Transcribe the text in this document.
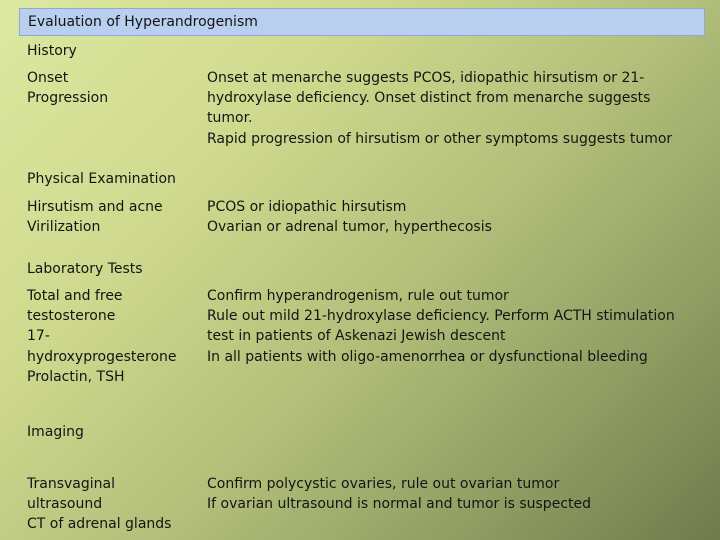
Evaluation of Hyperandrogenism
History
Onset
Progression
Onset at menarche suggests PCOS, idiopathic hirsutism or 21-
hydroxylase deficiency. Onset distinct from menarche suggests
tumor.
Rapid progression of hirsutism or other symptoms suggests tumor
Physical Examination
Hirsutism and acne
Virilization
PCOS or idiopathic hirsutism
Ovarian or adrenal tumor, hyperthecosis
Laboratory Tests
Total and free
testosterone
17-
hydroxyprogesterone
Prolactin, TSH
Confirm hyperandrogenism, rule out tumor
Rule out mild 21-hydroxylase deficiency. Perform ACTH stimulation
test in patients of Askenazi Jewish descent
In all patients with oligo-amenorrhea or dysfunctional bleeding
Imaging
Transvaginal
ultrasound
CT of adrenal glands
Confirm polycystic ovaries, rule out ovarian tumor
If ovarian ultrasound is normal and tumor is suspected
